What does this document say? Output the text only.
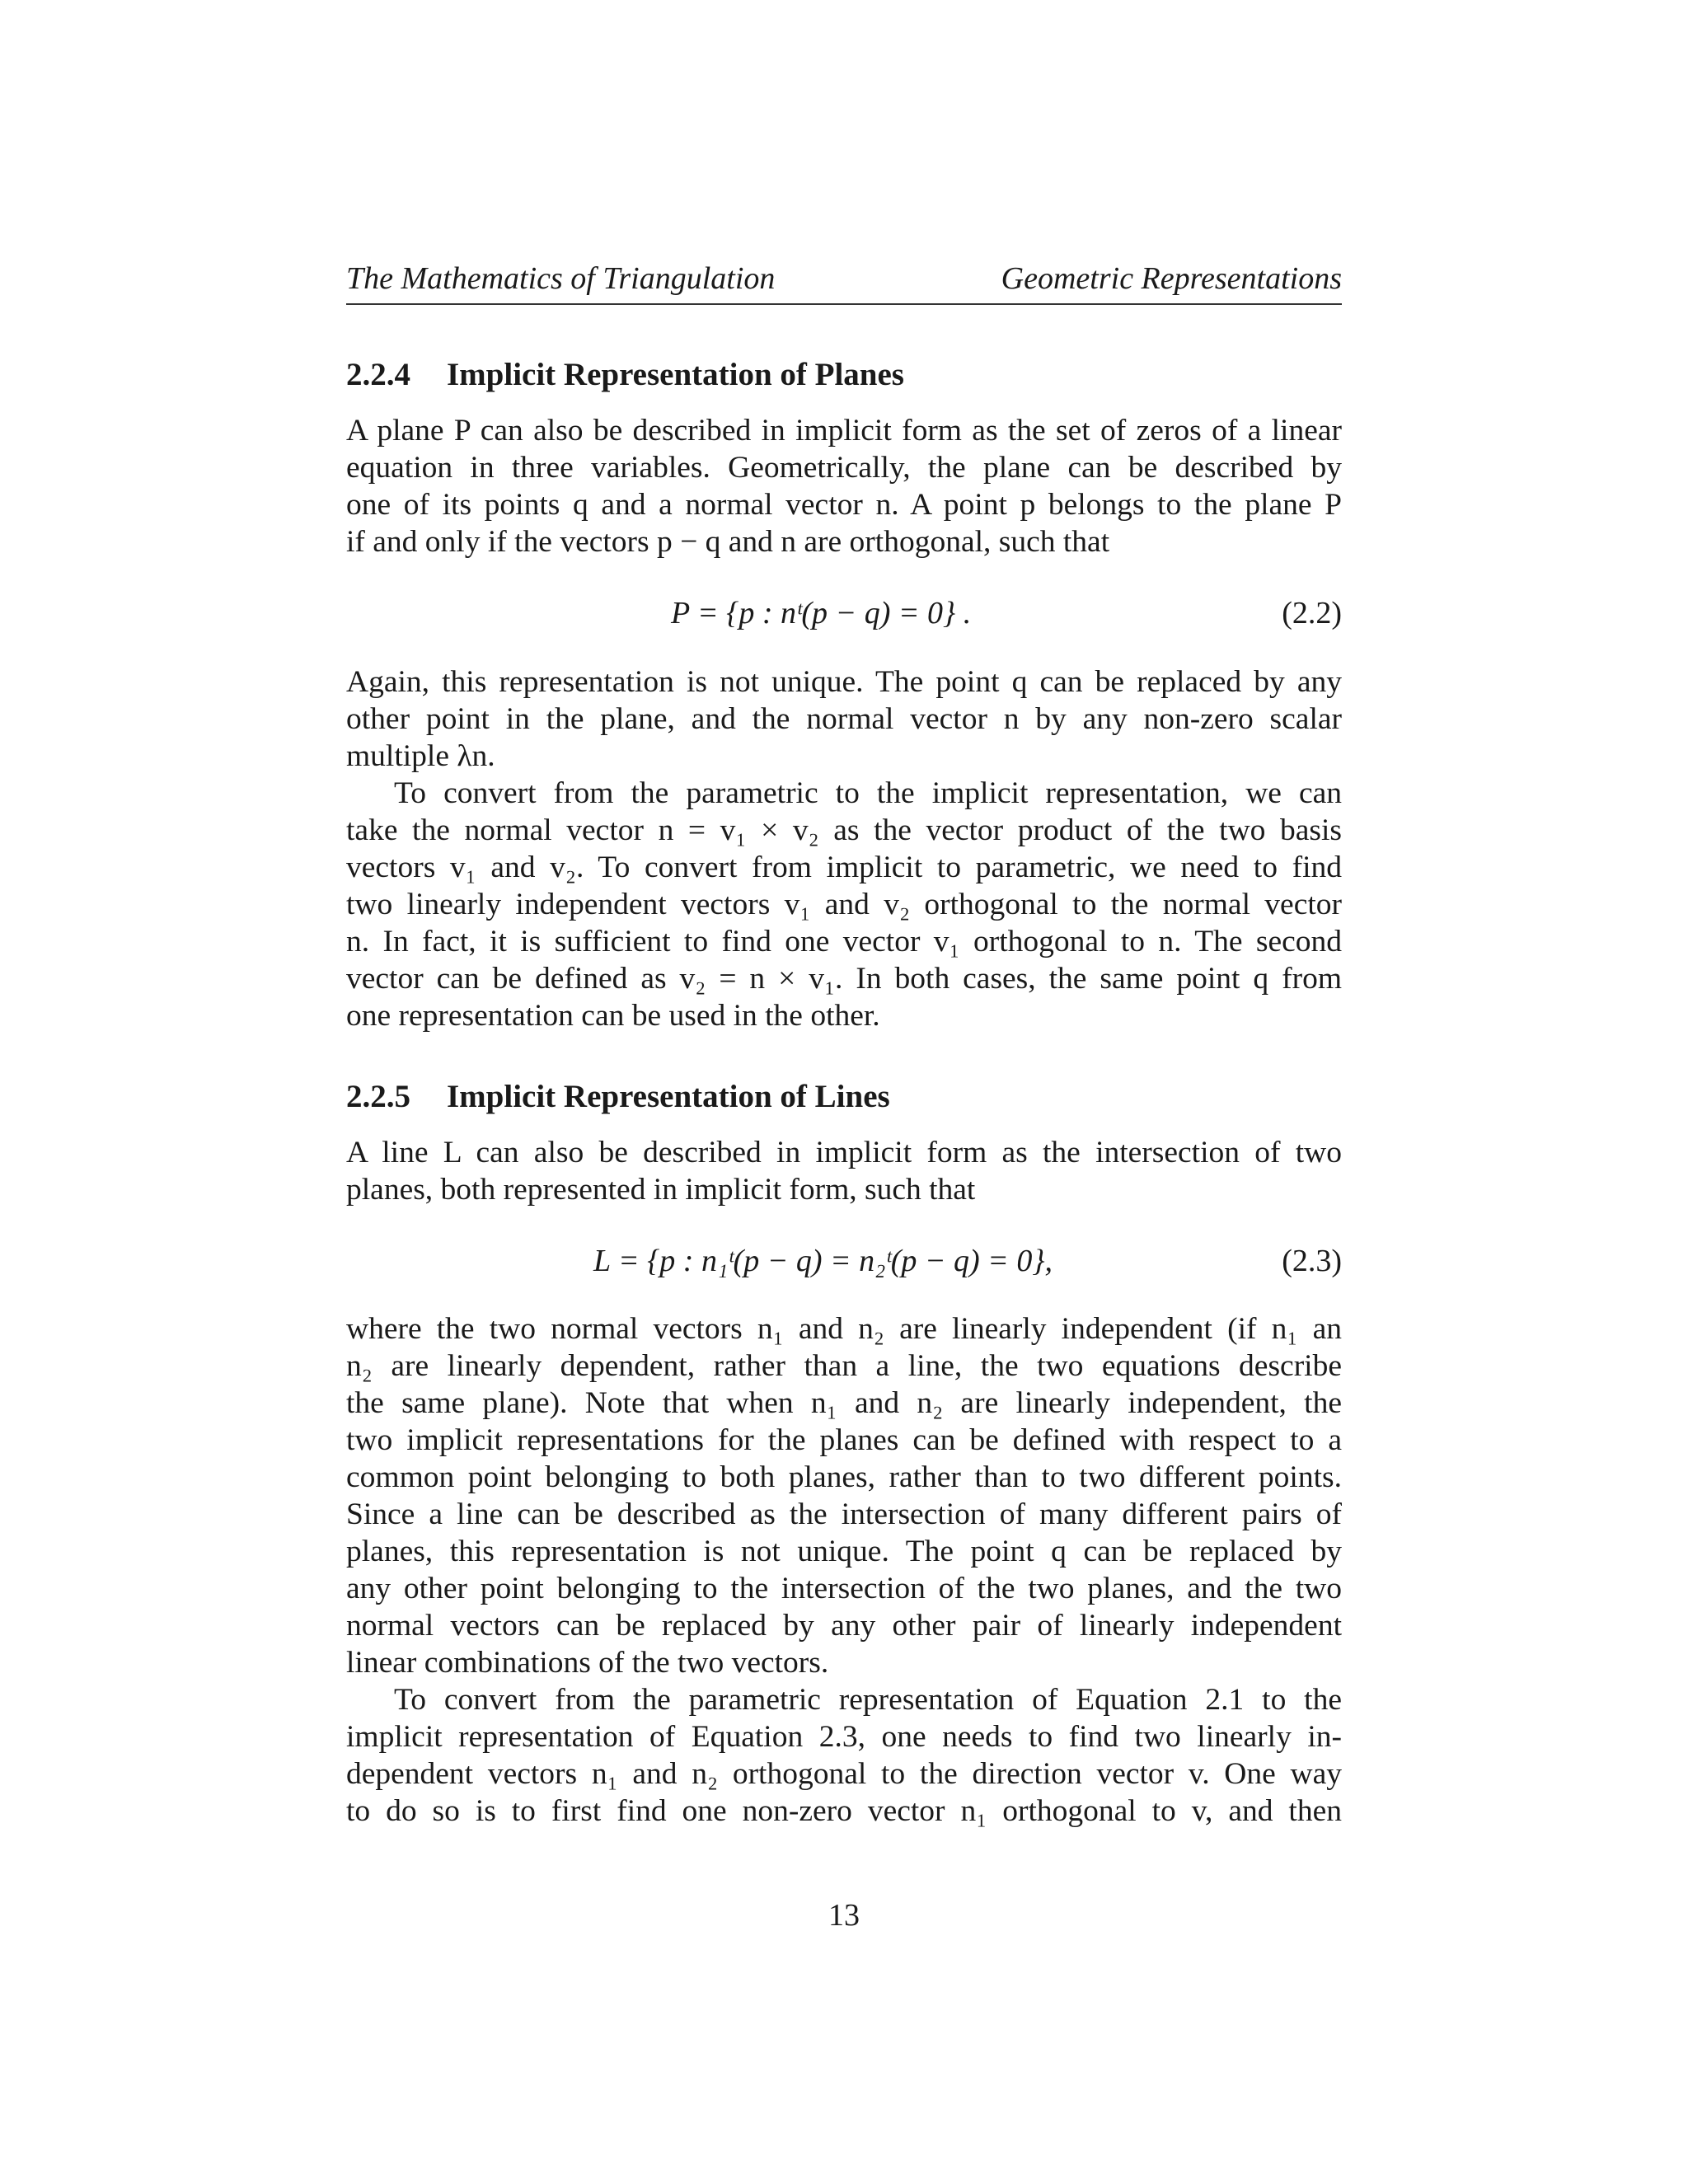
The Mathematics of Triangulation	Geometric Representations
2.2.4 Implicit Representation of Planes
A plane P can also be described in implicit form as the set of zeros of a linear
equation in three variables. Geometrically, the plane can be described by
one of its points q and a normal vector n. A point p belongs to the plane P
if and only if the vectors p − q and n are orthogonal, such that
P = {p : nᵗ(p − q) = 0} .	(2.2)
Again, this representation is not unique. The point q can be replaced by any
other point in the plane, and the normal vector n by any non-zero scalar
multiple λn.
To convert from the parametric to the implicit representation, we can
take the normal vector n = v₁ × v₂ as the vector product of the two basis
vectors v₁ and v₂. To convert from implicit to parametric, we need to find
two linearly independent vectors v₁ and v₂ orthogonal to the normal vector
n. In fact, it is sufficient to find one vector v₁ orthogonal to n. The second
vector can be defined as v₂ = n × v₁. In both cases, the same point q from
one representation can be used in the other.
2.2.5 Implicit Representation of Lines
A line L can also be described in implicit form as the intersection of two
planes, both represented in implicit form, such that
L = {p : n₁ᵗ(p − q) = n₂ᵗ(p − q) = 0},	(2.3)
where the two normal vectors n₁ and n₂ are linearly independent (if n₁ an
n₂ are linearly dependent, rather than a line, the two equations describe
the same plane). Note that when n₁ and n₂ are linearly independent, the
two implicit representations for the planes can be defined with respect to a
common point belonging to both planes, rather than to two different points.
Since a line can be described as the intersection of many different pairs of
planes, this representation is not unique. The point q can be replaced by
any other point belonging to the intersection of the two planes, and the two
normal vectors can be replaced by any other pair of linearly independent
linear combinations of the two vectors.
To convert from the parametric representation of Equation 2.1 to the
implicit representation of Equation 2.3, one needs to find two linearly in-
dependent vectors n₁ and n₂ orthogonal to the direction vector v. One way
to do so is to first find one non-zero vector n₁ orthogonal to v, and then
13
